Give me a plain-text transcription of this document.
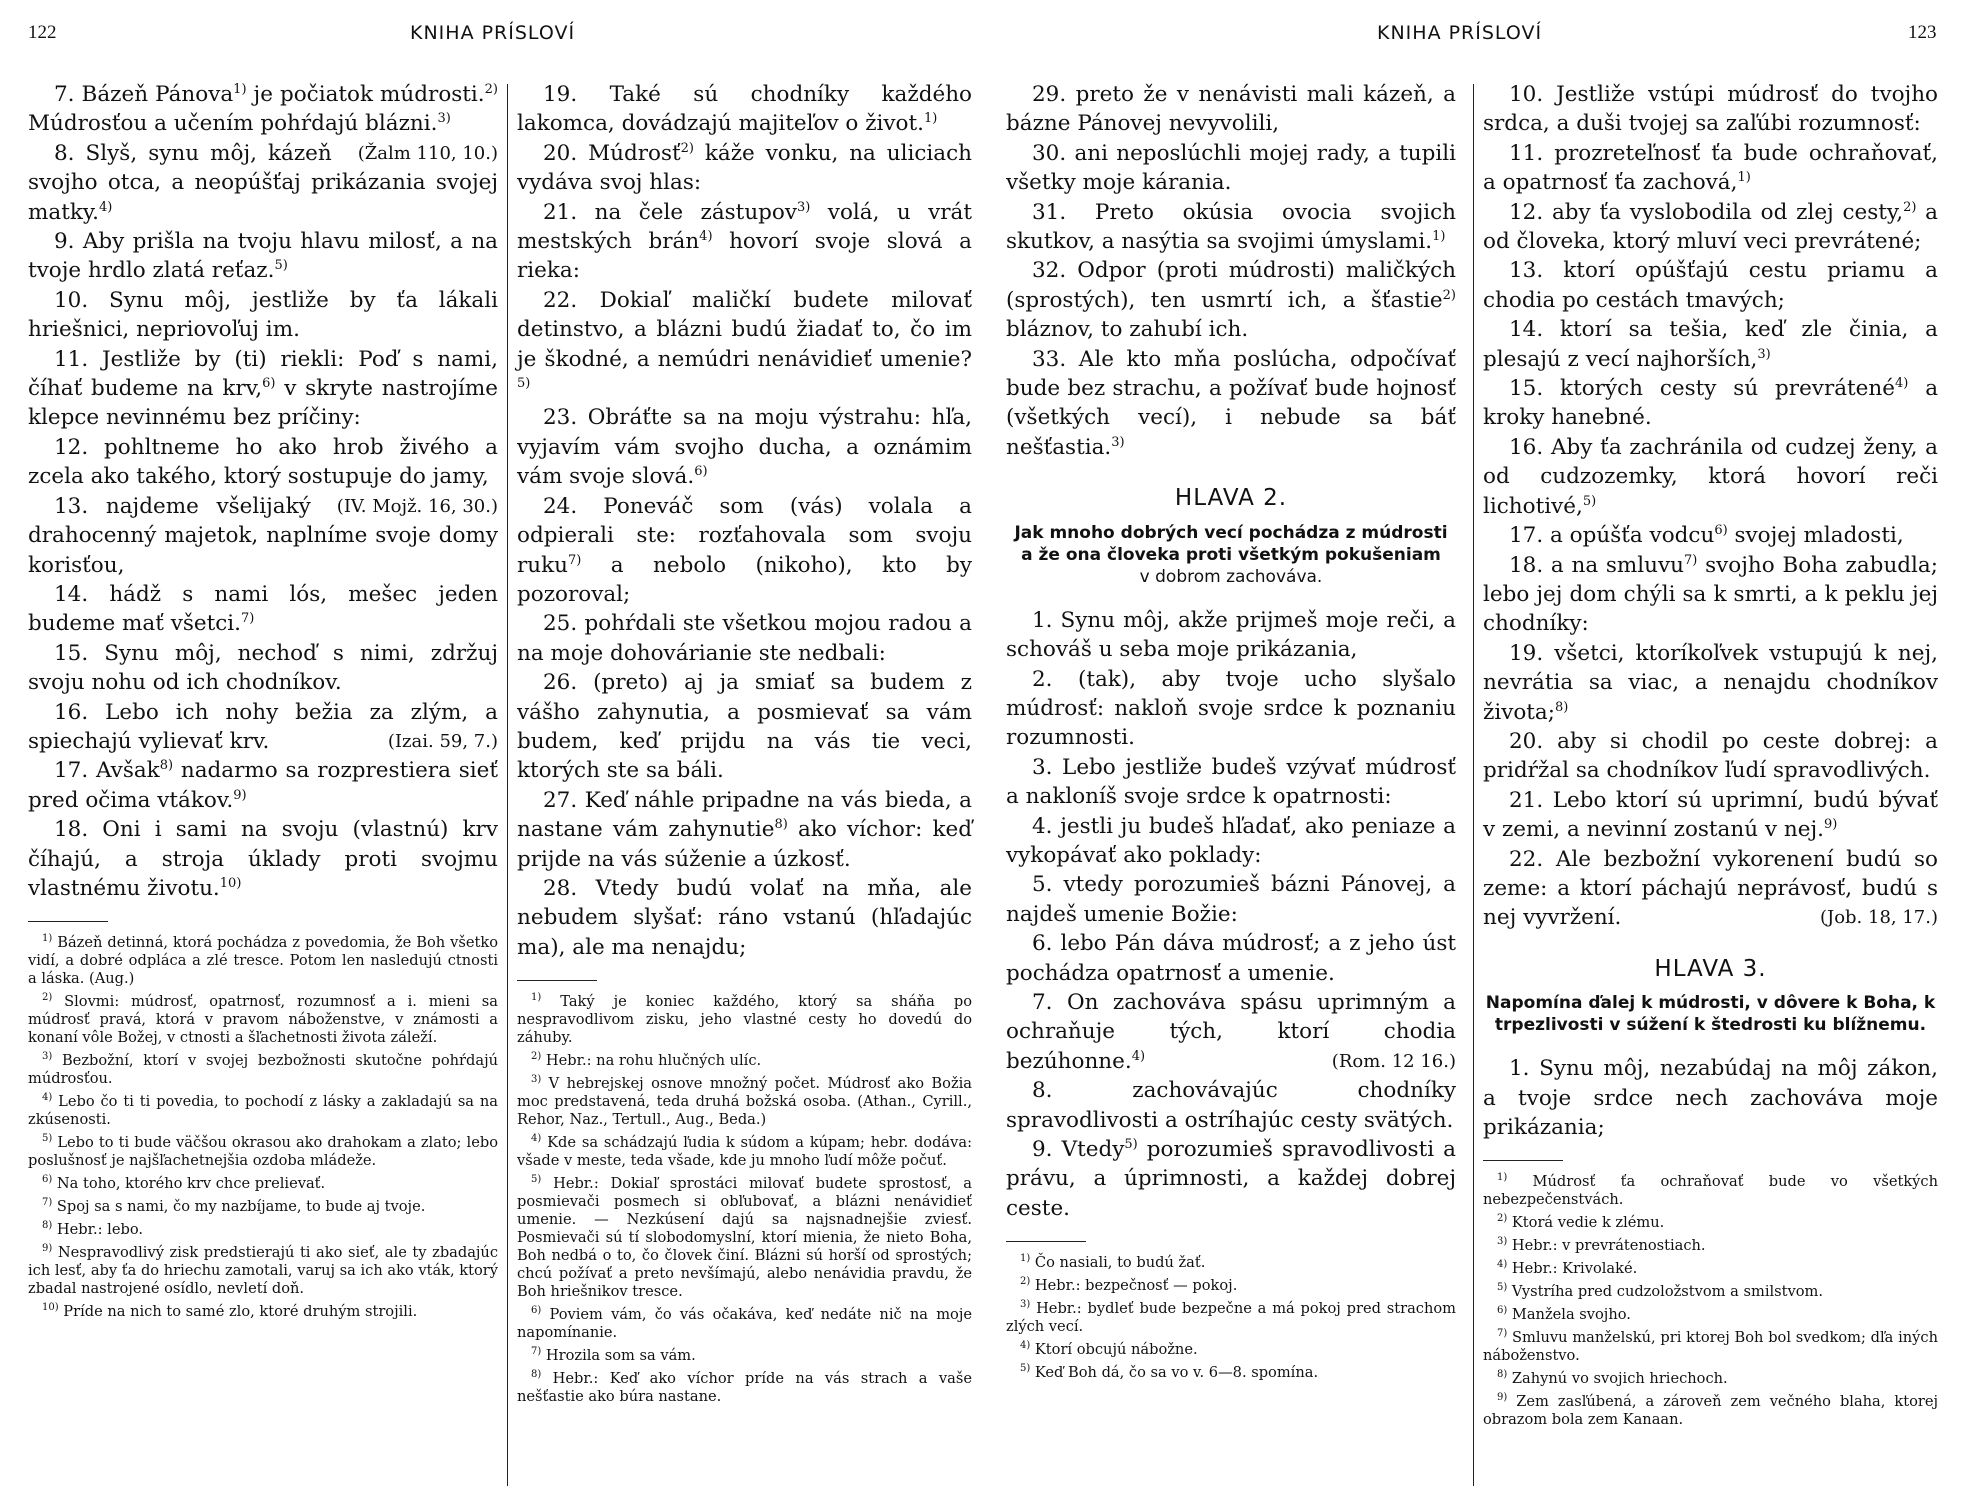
122	KNIHA PRÍSLOVÍ

7. Bázeň Pánova$^{1)}$ je počiatok múdrosti.$^{2)}$ Múdrosťou a učením pohŕdajú blázni.$^{3)}$
(Žalm 110, 10.)

8. Slyš, synu môj, kázeň svojho otca, a neopúšťaj prikázania svojej matky.$^{4)}$

9. Aby prišla na tvoju hlavu milosť, a na tvoje hrdlo zlatá reťaz.$^{5)}$

10. Synu môj, jestliže by ťa lákali hriešnici, nepriovoľuj im.

11. Jestliže by (ti) riekli: Poď s nami, číhať budeme na krv,$^{6)}$ v skryte nastrojíme klepce nevinnému bez príčiny:

12. pohltneme ho ako hrob živého a zcela ako takého, ktorý sostupuje do jamy,
(IV. Mojž. 16, 30.)

13. najdeme všelijaký drahocenný majetok, naplníme svoje domy korisťou,

14. hádž s nami lós, mešec jeden budeme mať všetci.$^{7)}$

15. Synu môj, nechoď s nimi, zdržuj svoju nohu od ich chodníkov.

16. Lebo ich nohy bežia za zlým, a spiechajú vylievať krv.	(Izai. 59, 7.)

17. Avšak$^{8)}$ nadarmo sa rozprestiera sieť pred očima vtákov.$^{9)}$

18. Oni i sami na svoju (vlastnú) krv číhajú, a stroja úklady proti svojmu vlastnému životu.$^{10)}$

$^{1)}$ Bázeň detinná, ktorá pochádza z povedomia, že Boh všetko vidí, a dobré odpláca a zlé tresce. Potom len nasledujú ctnosti a láska. (Aug.)

$^{2)}$ Slovmi: múdrosť, opatrnosť, rozumnosť a i. mieni sa múdrosť pravá, ktorá v pravom náboženstve, v známosti a konaní vôle Božej, v ctnosti a šľachetnosti života záleží.

$^{3)}$ Bezbožní, ktorí v svojej bezbožnosti skutočne pohŕdajú múdrosťou.

$^{4)}$ Lebo čo ti ti povedia, to pochodí z lásky a zakladajú sa na zkúsenosti.

$^{5)}$ Lebo to ti bude väčšou okrasou ako drahokam a zlato; lebo poslušnosť je najšľachetnejšia ozdoba mládeže.

$^{6)}$ Na toho, ktorého krv chce prelievať.

$^{7)}$ Spoj sa s nami, čo my nazbíjame, to bude aj tvoje.

$^{8)}$ Hebr.: lebo.

$^{9)}$ Nespravodlivý zisk predstierajú ti ako sieť, ale ty zbadajúc ich lesť, aby ťa do hriechu zamotali, varuj sa ich ako vták, ktorý zbadal nastrojené osídlo, nevletí doň.

$^{10)}$ Príde na nich to samé zlo, ktoré druhým strojili.

19. Také sú chodníky každého lakomca, dovádzajú majiteľov o život.$^{1)}$

20. Múdrosť$^{2)}$ káže vonku, na uliciach vydáva svoj hlas:

21. na čele zástupov$^{3)}$ volá, u vrát mestských brán$^{4)}$ hovorí svoje slová a rieka:

22. Dokiaľ maličkí budete milovať detinstvo, a blázni budú žiadať to, čo im je škodné, a nemúdri nenávidieť umenie?$^{5)}$

23. Obráťte sa na moju výstrahu: hľa, vyjavím vám svojho ducha, a oznámim vám svoje slová.$^{6)}$

24. Poneváč som (vás) volala a odpierali ste: rozťahovala som svoju ruku$^{7)}$ a nebolo (nikoho), kto by pozoroval;

25. pohŕdali ste všetkou mojou radou a na moje dohovárianie ste nedbali:

26. (preto) aj ja smiať sa budem z vášho zahynutia, a posmievať sa vám budem, keď prijdu na vás tie veci, ktorých ste sa báli.

27. Keď náhle pripadne na vás bieda, a nastane vám zahynutie$^{8)}$ ako víchor: keď prijde na vás súženie a úzkosť.

28. Vtedy budú volať na mňa, ale nebudem slyšať: ráno vstanú (hľadajúc ma), ale ma nenajdu;

$^{1)}$ Taký je koniec každého, ktorý sa sháňa po nespravodlivom zisku, jeho vlastné cesty ho dovedú do záhuby.

$^{2)}$ Hebr.: na rohu hlučných ulíc.

$^{3)}$ V hebrejskej osnove množný počet. Múdrosť ako Božia moc predstavená, teda druhá božská osoba. (Athan., Cyrill., Rehor, Naz., Tertull., Aug., Beda.)

$^{4)}$ Kde sa schádzajú ľudia k súdom a kúpam; hebr. dodáva: všade v meste, teda všade, kde ju mnoho ľudí môže počuť.

$^{5)}$ Hebr.: Dokiaľ sprostáci milovať budete sprostosť, a posmievači posmech si obľubovať, a blázni nenávidieť umenie. — Nezkúsení dajú sa najsnadnejšie zviesť. Posmievači sú tí slobodomyslní, ktorí mienia, že nieto Boha, Boh nedbá o to, čo človek činí. Blázni sú horší od sprostých; chcú požívať a preto nevšímajú, alebo nenávidia pravdu, že Boh hriešnikov tresce.

$^{6)}$ Poviem vám, čo vás očakáva, keď nedáte nič na moje napomínanie.

$^{7)}$ Hrozila som sa vám.

$^{8)}$ Hebr.: Keď ako víchor príde na vás strach a vaše nešťastie ako búra nastane.

KNIHA PRÍSLOVÍ	123

29. preto že v nenávisti mali kázeň, a bázne Pánovej nevyvolili,

30. ani neposlúchli mojej rady, a tupili všetky moje kárania.

31. Preto okúsia ovocia svojich skutkov, a nasýtia sa svojimi úmyslami.$^{1)}$

32. Odpor (proti múdrosti) maličkých (sprostých), ten usmrtí ich, a šťastie$^{2)}$ bláznov, to zahubí ich.

33. Ale kto mňa poslúcha, odpočívať bude bez strachu, a požívať bude hojnosť (všetkých vecí), i nebude sa báť nešťastia.$^{3)}$

HLAVA 2.
Jak mnoho dobrých vecí pochádza z múdrosti a že ona človeka proti všetkým pokušeniam
v dobrom zachováva.

1. Synu môj, akže prijmeš moje reči, a schováš u seba moje prikázania,

2. (tak), aby tvoje ucho slyšalo múdrosť: nakloň svoje srdce k poznaniu rozumnosti.

3. Lebo jestliže budeš vzývať múdrosť a nakloníš svoje srdce k opatrnosti:

4. jestli ju budeš hľadať, ako peniaze a vykopávať ako poklady:

5. vtedy porozumieš bázni Pánovej, a najdeš umenie Božie:

6. lebo Pán dáva múdrosť; a z jeho úst pochádza opatrnosť a umenie.

7. On zachováva spásu uprimným a ochraňuje tých, ktorí chodia bezúhonne.$^{4)}$	(Rom. 12 16.)

8. zachovávajúc chodníky spravodlivosti a ostríhajúc cesty svätých.

9. Vtedy$^{5)}$ porozumieš spravodlivosti a právu, a úprimnosti, a každej dobrej ceste.

$^{1)}$ Čo nasiali, to budú žať.

$^{2)}$ Hebr.: bezpečnosť — pokoj.

$^{3)}$ Hebr.: bydleť bude bezpečne a má pokoj pred strachom zlých vecí.

$^{4)}$ Ktorí obcujú nábožne.

$^{5)}$ Keď Boh dá, čo sa vo v. 6—8. spomína.

10. Jestliže vstúpi múdrosť do tvojho srdca, a duši tvojej sa zaľúbi rozumnosť:

11. prozreteľnosť ťa bude ochraňovať, a opatrnosť ťa zachová,$^{1)}$

12. aby ťa vyslobodila od zlej cesty,$^{2)}$ a od človeka, ktorý mluví veci prevrátené;

13. ktorí opúšťajú cestu priamu a chodia po cestách tmavých;

14. ktorí sa tešia, keď zle činia, a plesajú z vecí najhorších,$^{3)}$

15. ktorých cesty sú prevrátené$^{4)}$ a kroky hanebné.

16. Aby ťa zachránila od cudzej ženy, a od cudzozemky, ktorá hovorí reči lichotivé,$^{5)}$

17. a opúšťa vodcu$^{6)}$ svojej mladosti,

18. a na smluvu$^{7)}$ svojho Boha zabudla; lebo jej dom chýli sa k smrti, a k peklu jej chodníky:

19. všetci, ktoríkoľvek vstupujú k nej, nevrátia sa viac, a nenajdu chodníkov života;$^{8)}$

20. aby si chodil po ceste dobrej: a pridŕžal sa chodníkov ľudí spravodlivých.

21. Lebo ktorí sú uprimní, budú bývať v zemi, a nevinní zostanú v nej.$^{9)}$

22. Ale bezbožní vykorenení budú so zeme: a ktorí páchajú neprávosť, budú s nej vyvržení.	(Job. 18, 17.)

HLAVA 3.
Napomína ďalej k múdrosti, v dôvere k Boha, k trpezlivosti v súžení k štedrosti ku blížnemu.

1. Synu môj, nezabúdaj na môj zákon, a tvoje srdce nech zachováva moje prikázania;

$^{1)}$ Múdrosť ťa ochraňovať bude vo všetkých nebezpečenstvách.

$^{2)}$ Ktorá vedie k zlému.

$^{3)}$ Hebr.: v prevrátenostiach.

$^{4)}$ Hebr.: Krivolaké.

$^{5)}$ Vystríha pred cudzoložstvom a smilstvom.

$^{6)}$ Manžela svojho.

$^{7)}$ Smluvu manželskú, pri ktorej Boh bol svedkom; dľa iných náboženstvo.

$^{8)}$ Zahynú vo svojich hriechoch.

$^{9)}$ Zem zasľúbená, a zároveň zem večného blaha, ktorej obrazom bola zem Kanaan.
